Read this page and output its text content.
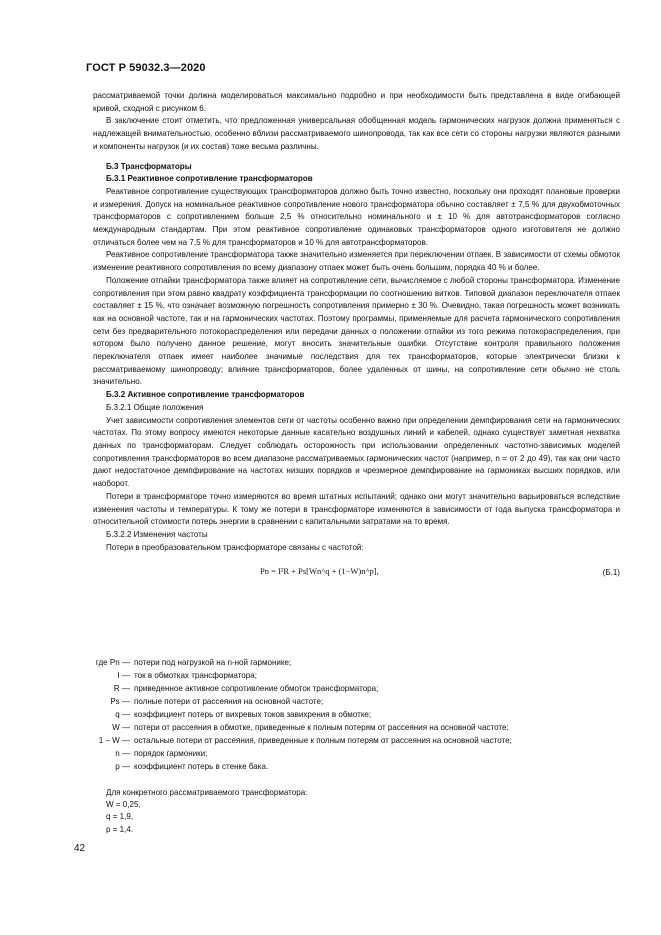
ГОСТ Р 59032.3—2020

рассматриваемой точки должна моделироваться максимально подробно и при необходимости быть представлена в виде огибающей кривой, сходной с рисунком 6.

В заключение стоит отметить, что предложенная универсальная обобщенная модель гармонических нагрузок должна применяться с надлежащей внимательностью, особенно вблизи рассматриваемого шинопровода, так как все сети со стороны нагрузки являются разными и компоненты нагрузок (и их состав) тоже весьма различны.

Б.3 Трансформаторы

Б.3.1 Реактивное сопротивление трансформаторов

Реактивное сопротивление существующих трансформаторов должно быть точно известно, поскольку они проходят плановые проверки и измерения. Допуск на номинальное реактивное сопротивление нового трансформатора обычно составляет ± 7,5 % для двухобмоточных трансформаторов с сопротивлением больше 2,5 % относительно номинального и ± 10 % для автотрансформаторов согласно международным стандартам. При этом реактивное сопротивление одинаковых трансформаторов одного изготовителя не должно отличаться более чем на 7,5 % для трансформаторов и 10 % для автотрансформаторов.

Реактивное сопротивление трансформатора также значительно изменяется при переключении отпаек. В зависимости от схемы обмоток изменение реактивного сопротивления по всему диапазону отпаек может быть очень большим, порядка 40 % и более.

Положение отпайки трансформатора также влияет на сопротивление сети, вычисляемое с любой стороны трансформатора. Изменение сопротивления при этом равно квадрату коэффициента трансформации по соотношению витков. Типовой диапазон переключателя отпаек составляет ± 15 %, что означает возможную погрешность сопротивления примерно ± 30 %. Очевидно, такая погрешность может возникать как на основной частоте, так и на гармонических частотах. Поэтому программы, применяемые для расчета гармонического сопротивления сети без предварительного потокораспределения или передачи данных о положении отпайки из того режима потокораспределения, при котором было получено данное решение, могут вносить значительные ошибки. Отсутствие контроля правильного положения переключателя отпаек имеет наиболее значимые последствия для тех трансформаторов, которые электрически близки к рассматриваемому шинопроводу; влияние трансформаторов, более удаленных от шины, на сопротивление сети обычно не столь значительно.

Б.3.2 Активное сопротивление трансформаторов

Б.3.2.1 Общие положения

Учет зависимости сопротивления элементов сети от частоты особенно важно при определении демпфирования сети на гармонических частотах. По этому вопросу имеются некоторые данные касательно воздушных линий и кабелей, однако существует заметная нехватка данных по трансформаторам. Следует соблюдать осторожность при использовании определенных частотно-зависимых моделей сопротивления трансформаторов во всем диапазоне рассматриваемых гармонических частот (например, n = от 2 до 49), так как они часто дают недостаточное демпфирование на частотах низших порядков и чрезмерное демпфирование на гармониках высших порядков, или наоборот.

Потери в трансформаторе точно измеряются во время штатных испытаний; однако они могут значительно варьироваться вследствие изменения частоты и температуры. К тому же потери в трансформаторе изменяются в зависимости от года выпуска трансформатора и относительной стоимости потерь энергии в сравнении с капитальными затратами на то время.

Б.3.2.2 Изменения частоты

Потери в преобразовательном трансформаторе связаны с частотой:

Pn = I²R + Ps[Wn^q + (1−W)n^p],	(Б.1)
где Pn — потери под нагрузкой на n-ной гармонике;
I — ток в обмотках трансформатора;
R — приведенное активное сопротивление обмоток трансформатора;
Ps — полные потери от рассеяния на основной частоте;
q — коэффициент потерь от вихревых токов завихрения в обмотке;
W — потери от рассеяния в обмотке, приведенные к полным потерям от рассеяния на основной частоте;
1 – W — остальные потери от рассеяния, приведенные к полным потерям от рассеяния на основной частоте;
n — порядок гармоники;
p — коэффициент потерь в стенке бака.
Для конкретного рассматриваемого трансформатора:
W = 0,25,
q = 1,9,
p = 1,4.
42
